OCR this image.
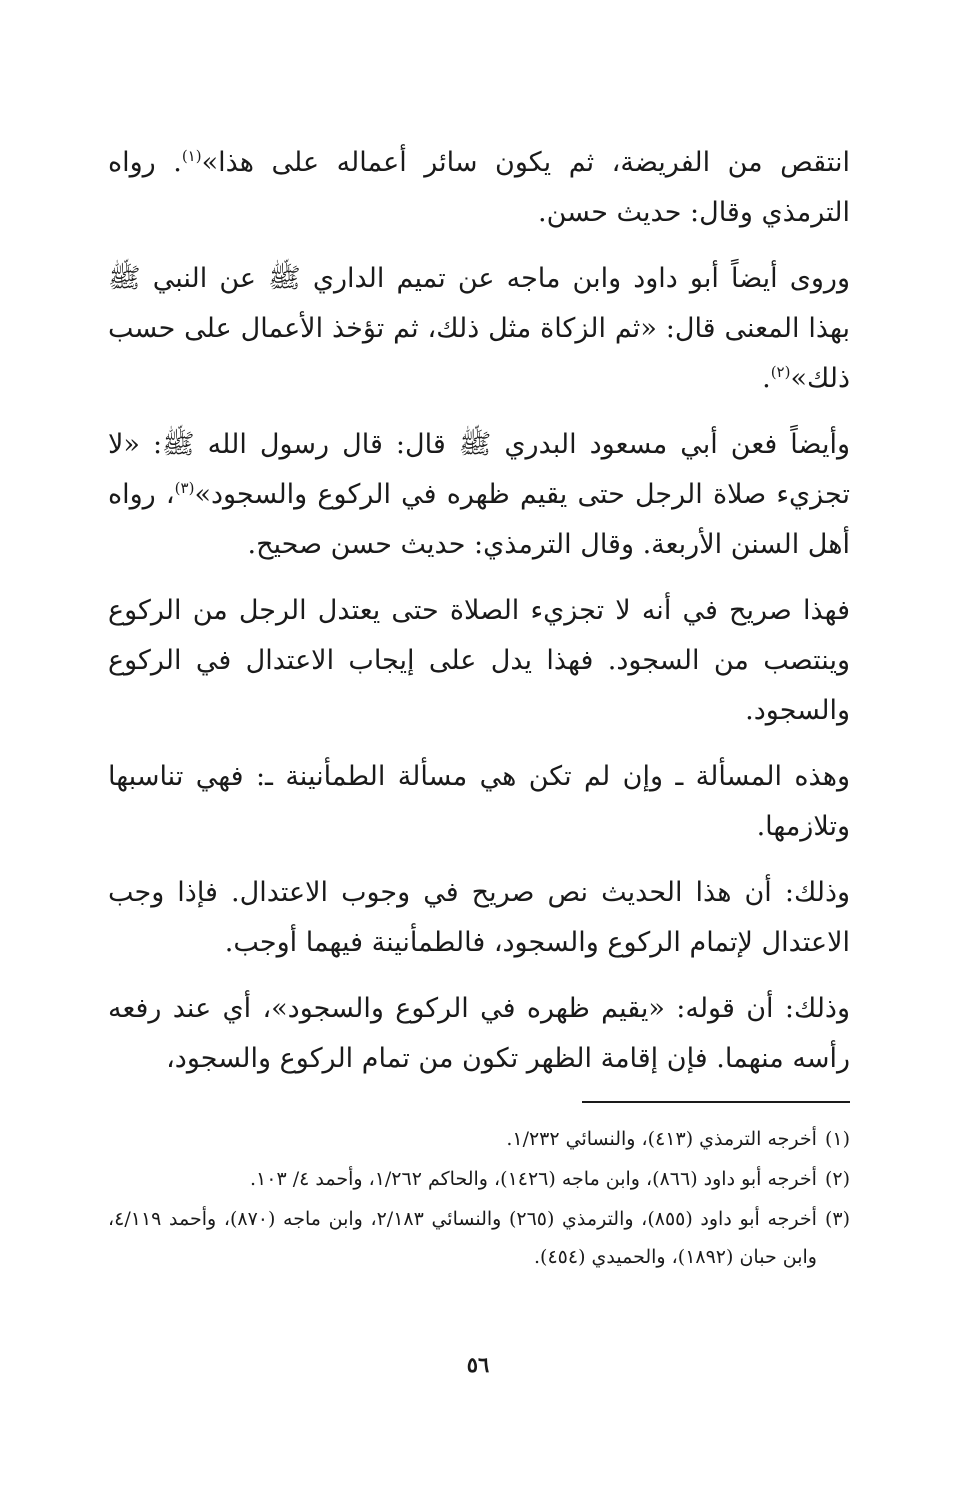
انتقص من الفريضة، ثم يكون سائر أعماله على هذا»$^{(١)}$. رواه الترمذي وقال: حديث حسن.

وروى أيضاً أبو داود وابن ماجه عن تميم الداري ﷺ عن النبي ﷺ بهذا المعنى قال: «ثم الزكاة مثل ذلك، ثم تؤخذ الأعمال على حسب ذلك»$^{(٢)}$.

وأيضاً فعن أبي مسعود البدري ﷺ قال: قال رسول الله ﷺ: «لا تجزيء صلاة الرجل حتى يقيم ظهره في الركوع والسجود»$^{(٣)}$، رواه أهل السنن الأربعة. وقال الترمذي: حديث حسن صحيح.

فهذا صريح في أنه لا تجزيء الصلاة حتى يعتدل الرجل من الركوع وينتصب من السجود. فهذا يدل على إيجاب الاعتدال في الركوع والسجود.

وهذه المسألة ـ وإن لم تكن هي مسألة الطمأنينة ـ: فهي تناسبها وتلازمها.

وذلك: أن هذا الحديث نص صريح في وجوب الاعتدال. فإذا وجب الاعتدال لإتمام الركوع والسجود، فالطمأنينة فيهما أوجب.

وذلك: أن قوله: «يقيم ظهره في الركوع والسجود»، أي عند رفعه رأسه منهما. فإن إقامة الظهر تكون من تمام الركوع والسجود،

(١)
أخرجه الترمذي (٤١٣)، والنسائي ١/٢٣٢.
(٢)
أخرجه أبو داود (٨٦٦)، وابن ماجه (١٤٢٦)، والحاكم ١/٢٦٢، وأحمد ٤/ ١٠٣.
(٣)
أخرجه أبو داود (٨٥٥)، والترمذي (٢٦٥) والنسائي ٢/١٨٣، وابن ماجه (٨٧٠)، وأحمد ٤/١١٩، وابن حبان (١٨٩٢)، والحميدي (٤٥٤).
٥٦
